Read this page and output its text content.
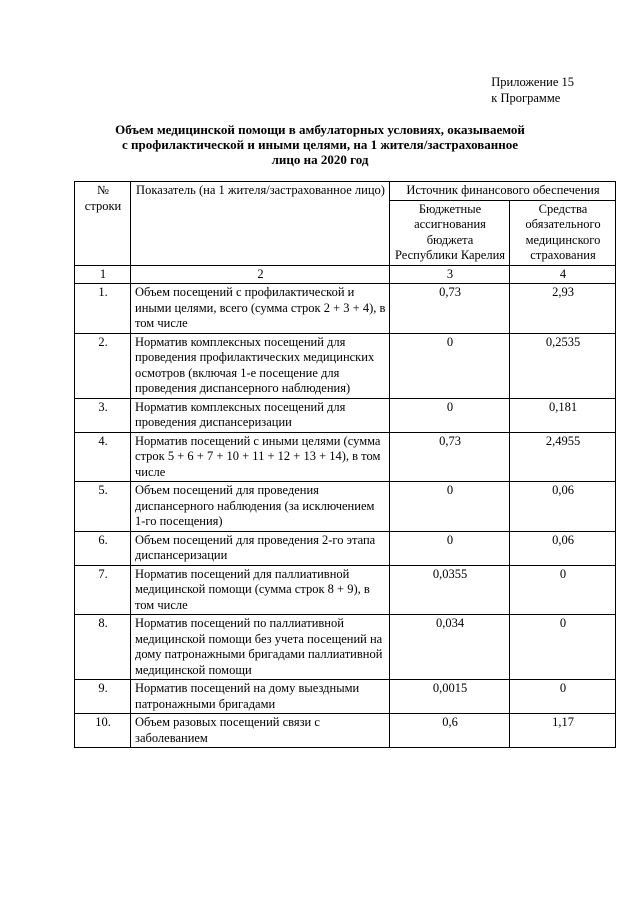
Приложение 15
к Программе
Объем медицинской помощи в амбулаторных условиях, оказываемой
с профилактической и иными целями, на 1 жителя/застрахованное
лицо на 2020 год
№ строки	Показатель (на 1 жителя/застрахованное лицо)	Источник финансового обеспечения	
		Бюджетные ассигнования бюджета Республики Карелия	Средства обязательного медицинского страхования
1	2	3	4
1.	Объем посещений с профилактической и иными целями, всего (сумма строк 2 + 3 + 4), в том числе	0,73	2,93
2.	Норматив комплексных посещений для проведения профилактических медицинских осмотров (включая 1-е посещение для проведения диспансерного наблюдения)	0	0,2535
3.	Норматив комплексных посещений для проведения диспансеризации	0	0,181
4.	Норматив посещений с иными целями (сумма строк 5 + 6 + 7 + 10 + 11 + 12 + 13 + 14), в том числе	0,73	2,4955
5.	Объем посещений для проведения диспансерного наблюдения (за исключением 1-го посещения)	0	0,06
6.	Объем посещений для проведения 2-го этапа диспансеризации	0	0,06
7.	Норматив посещений для паллиативной медицинской помощи (сумма строк 8 + 9), в том числе	0,0355	0
8.	Норматив посещений по паллиативной медицинской помощи без учета посещений на дому патронажными бригадами паллиативной медицинской помощи	0,034	0
9.	Норматив посещений на дому выездными патронажными бригадами	0,0015	0
10.	Объем разовых посещений связи с заболеванием	0,6	1,17
